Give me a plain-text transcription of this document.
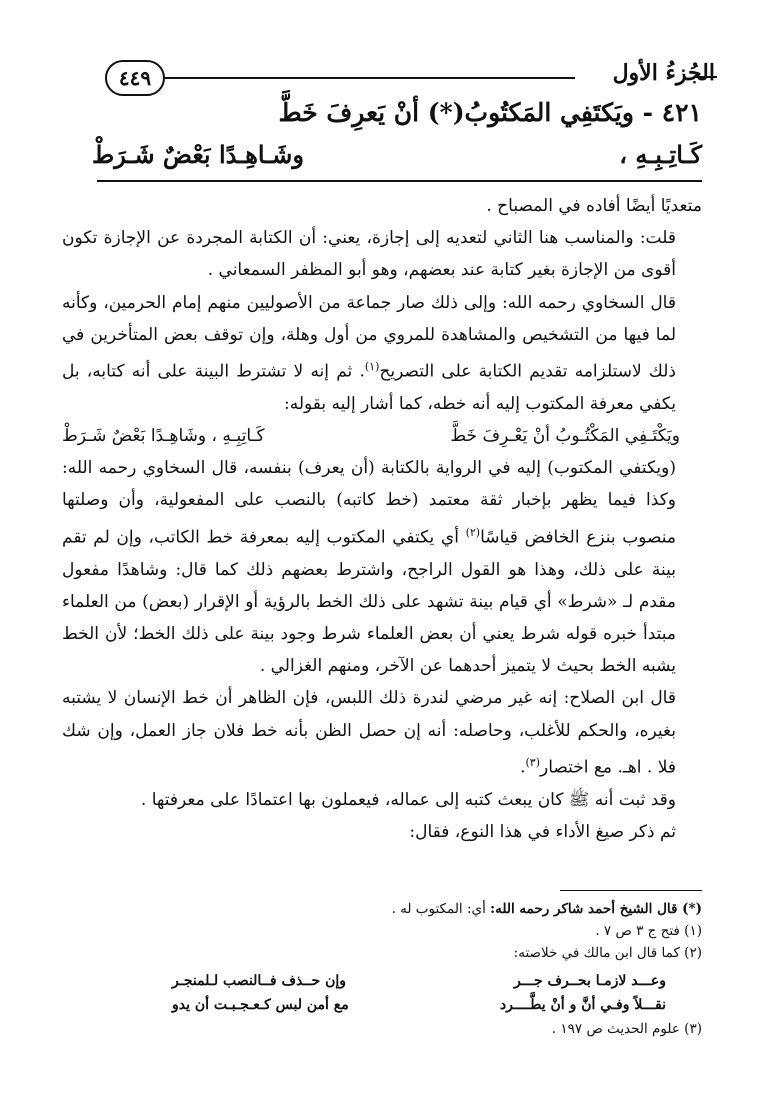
٤٤٩	الجُزءُ الأول
٤٢١ - ويَكتَفِي المَكتُوبُ(*) أنْ يَعرِفَ خَطَّ
كَـاتِـبِـهِ ،
وشَـاهِـدًا بَعْضٌ شَـرَطْ

متعديًا أيضًا أفاده في المصباح .

قلت: والمناسب هنا الثاني لتعديه إلى إجازة، يعني: أن الكتابة المجردة عن الإجازة تكون أقوى من الإجازة بغير كتابة عند بعضهم، وهو أبو المظفر السمعاني .

قال السخاوي رحمه الله: وإلى ذلك صار جماعة من الأصوليين منهم إمام الحرمين، وكأنه لما فيها من التشخيص والمشاهدة للمروي من أول وهلة، وإن توقف بعض المتأخرين في ذلك لاستلزامه تقديم الكتابة على التصريح$^{(١)}$. ثم إنه لا تشترط البينة على أنه كتابه، بل يكفي معرفة المكتوب إليه أنه خطه، كما أشار إليه بقوله:

ويَكْتَـفِي المَكْتُـوبُ أنْ يَعْـرِفَ خَطَّ
كَـاتِبِـهِ ، وشَاهِـدًا بَعْضٌ شَـرَطْ

(ويكتفي المكتوب) إليه في الرواية بالكتابة (أن يعرف) بنفسه، قال السخاوي رحمه الله: وكذا فيما يظهر بإخبار ثقة معتمد (خط كاتبه) بالنصب على المفعولية، وأن وصلتها منصوب بنزع الخافض قياسًا$^{(٢)}$ أي يكتفي المكتوب إليه بمعرفة خط الكاتب، وإن لم تقم بينة على ذلك، وهذا هو القول الراجح، واشترط بعضهم ذلك كما قال: وشاهدًا مفعول مقدم لـ «شرط» أي قيام بينة تشهد على ذلك الخط بالرؤية أو الإقرار (بعض) من العلماء مبتدأ خبره قوله شرط يعني أن بعض العلماء شرط وجود بينة على ذلك الخط؛ لأن الخط يشبه الخط بحيث لا يتميز أحدهما عن الآخر، ومنهم الغزالي .

قال ابن الصلاح: إنه غير مرضي لندرة ذلك اللبس، فإن الظاهر أن خط الإنسان لا يشتبه بغيره، والحكم للأغلب، وحاصله: أنه إن حصل الظن بأنه خط فلان جاز العمل، وإن شك فلا . اهـ. مع اختصار$^{(٣)}$.

وقد ثبت أنه ﷺ كان يبعث كتبه إلى عماله، فيعملون بها اعتمادًا على معرفتها .

ثم ذكر صيغ الأداء في هذا النوع، فقال:

(*) قال الشيخ أحمد شاكر رحمه الله: أي: المكتوب له .

(١) فتح ج ٣ ص ٧ .

(٢) كما قال ابن مالك في خلاصته:

وعـــد لازمـا بحــرف جـــر
وإن حــذف فــالنصب لـلمنجـر
نقـــلاً وفـي أنَّ و أنْ يطَّــــرد
مع أمن لبس كـعـجـبـت أن يدو

(٣) علوم الحديث ص ١٩٧ .
